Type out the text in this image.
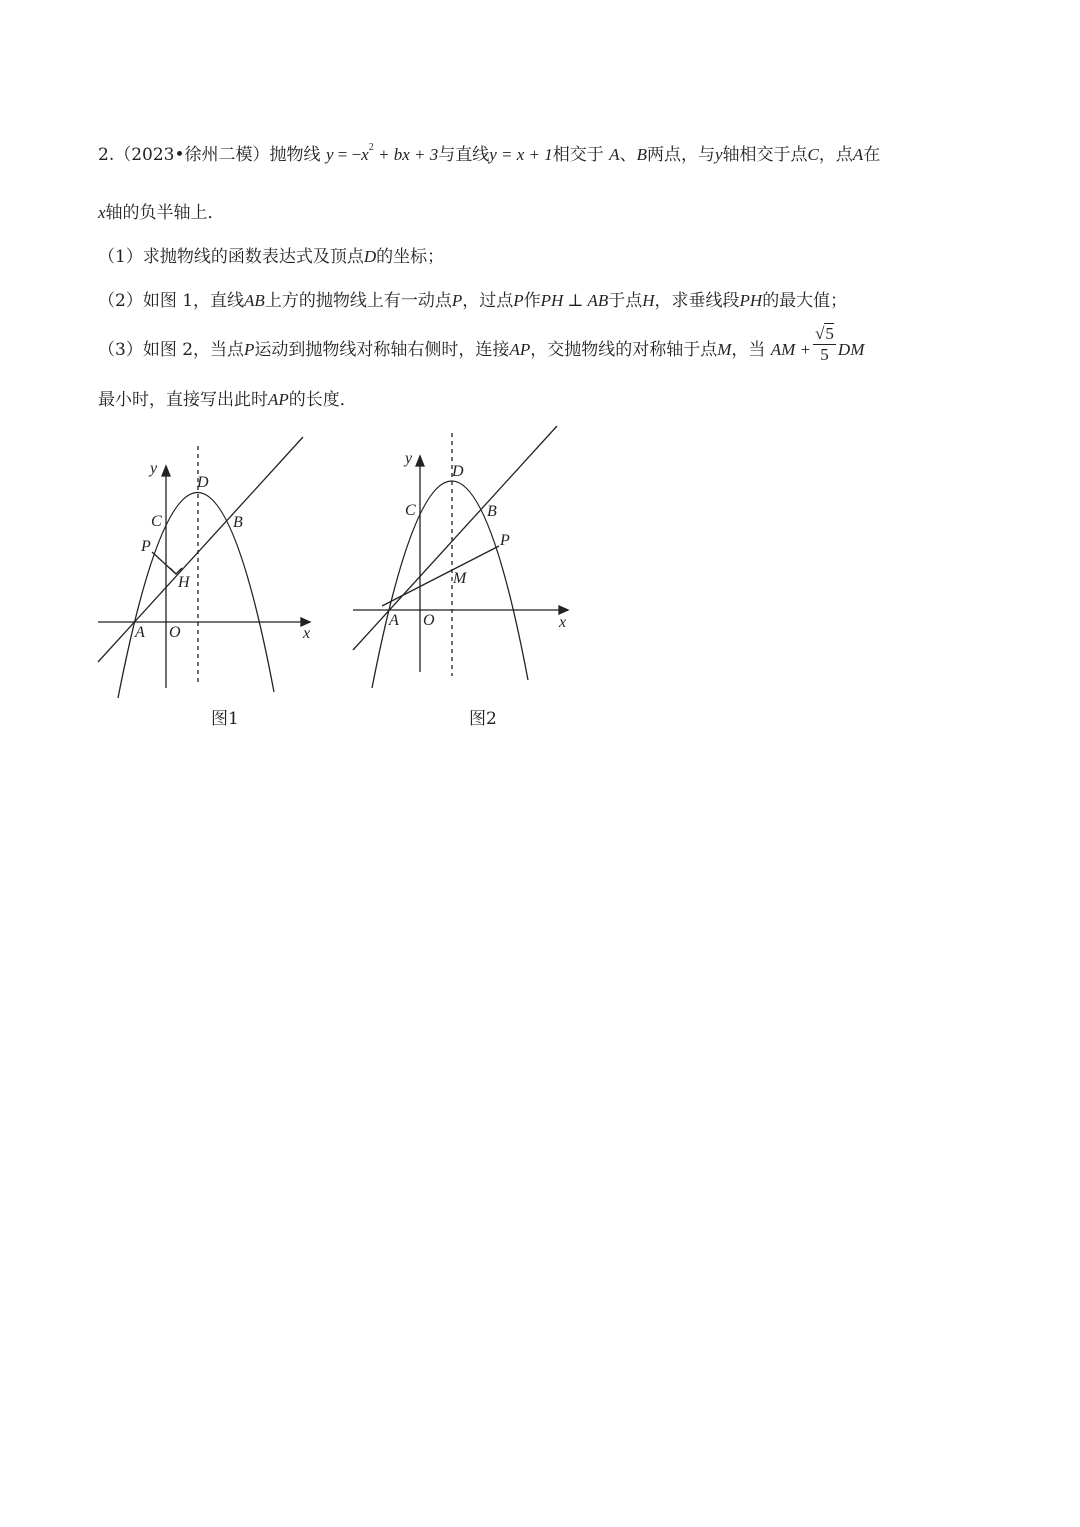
2.（2023•徐州二模）抛物线 $y = -x^2$ + bx + 3与直线y = x + 1相交于 A、B两点，与y轴相交于点C，点A在
x轴的负半轴上．
（1）求抛物线的函数表达式及顶点D的坐标；
（2）如图 1，直线AB上方的抛物线上有一动点P，过点P作PH ⊥ AB于点H，求垂线段PH的最大值；
（3）如图 2，当点P运动到抛物线对称轴右侧时，连接AP，交抛物线的对称轴于点M，当 AM + $\frac{√5}{5}$ DM
最小时，直接写出此时AP的长度．
y
x
O
A
B
C
D
P
H
图1
y
x
O
A
B
C
D
P
M
图2
